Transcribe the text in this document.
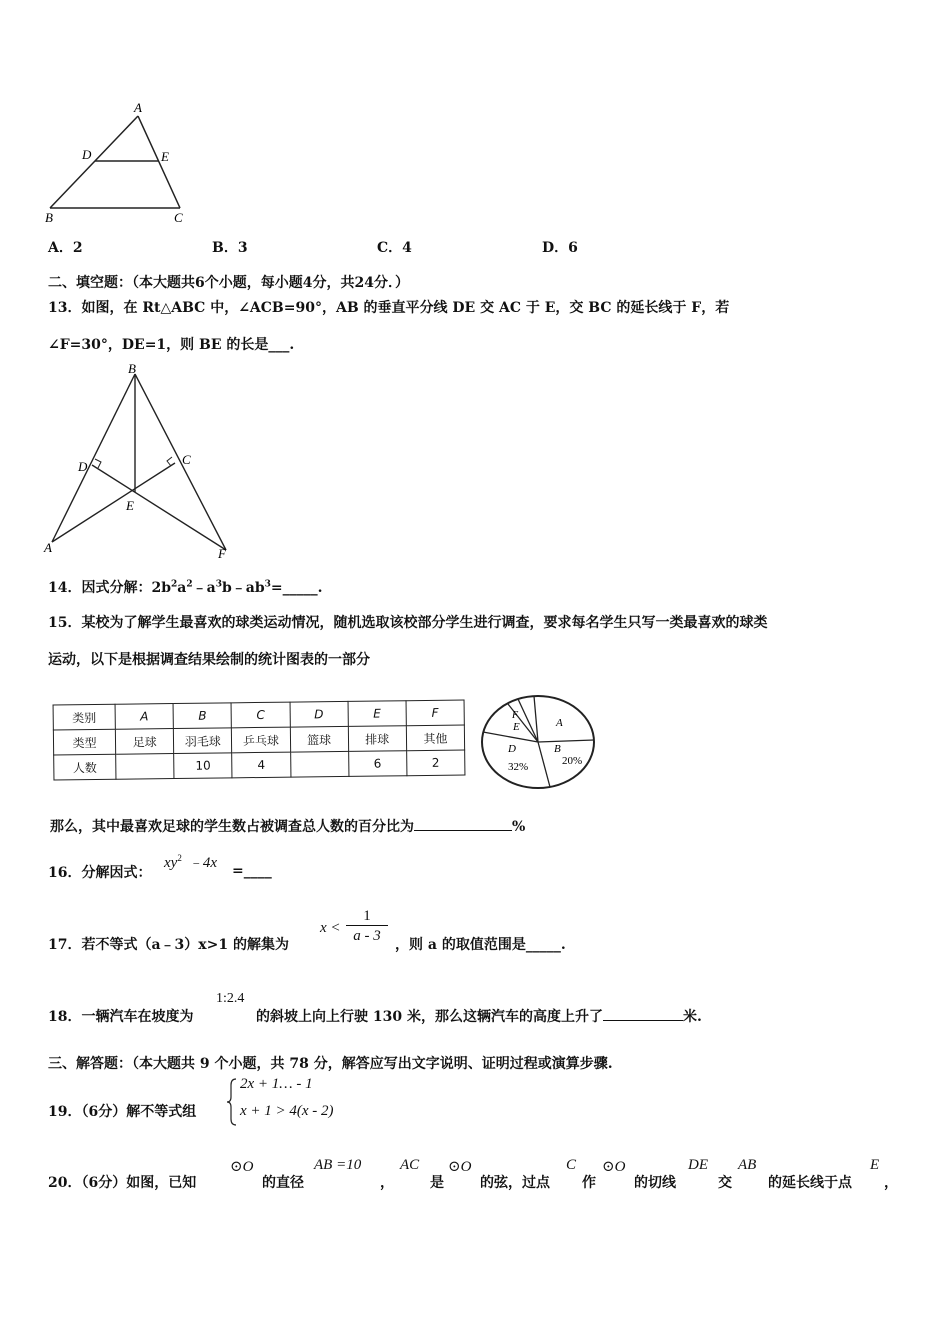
A
D	E
B	C
A．2	B．3	C．4	D．6
二、填空题：（本大题共6个小题，每小题4分，共24分．）
13．如图，在 Rt△ABC 中，∠ACB=90°，AB 的垂直平分线 DE 交 AC 于 E，交 BC 的延长线于 F，若
∠F=30°，DE=1，则 BE 的长是___.
B
D	C
E
A	F
14．因式分解：$2b^2a^2﹣a^3b﹣ab^3=\_\_\_\_\_$.
15．某校为了解学生最喜欢的球类运动情况，随机选取该校部分学生进行调查，要求每名学生只写一类最喜欢的球类
运动，以下是根据调查结果绘制的统计图表的一部分
类别	A	B	C	D	E	F
类型	足球	羽毛球	乒乓球	篮球	排球	其他
人数		10	4		6	2
F
E	A
D
32%
B
20%
那么，其中最喜欢足球的学生数占被调查总人数的百分比为	%
16．分解因式：
$xy^2$ ﹣4x =____
17．若不等式（a﹣3）x>1 的解集为
$x < \frac{1}{a - 3}$ ，则 a 的取值范围是_____.
18．一辆汽车在坡度为
1:2.4
的斜坡上向上行驶 130 米，那么这辆汽车的高度上升了	米.
三、解答题：（本大题共 9 个小题，共 78 分，解答应写出文字说明、证明过程或演算步骤.
19．（6分）解不等式组
2x + 1… - 1
x + 1 > 4(x - 2)
20．（6分）如图，已知
⊙O
的直径
AB =10
，
AC
是
⊙O
的弦，过点
C
作
⊙O
的切线
DE
交
AB
的延长线于点
E
，
